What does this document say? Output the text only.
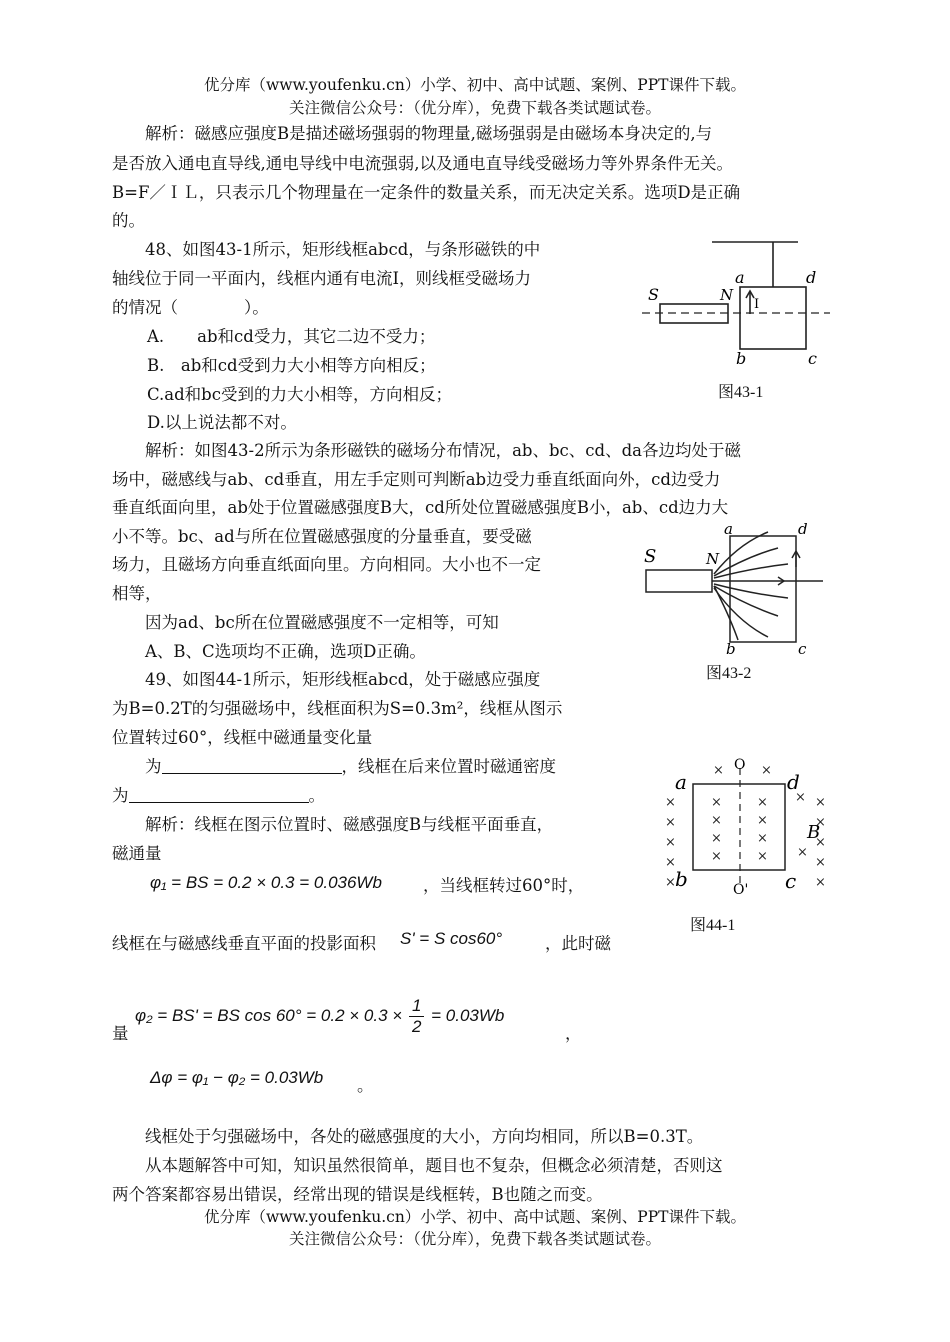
优分库（www.youfenku.cn）小学、初中、高中试题、案例、PPT课件下载。
关注微信公众号：（优分库），免费下载各类试题试卷。
解析：磁感应强度B是描述磁场强弱的物理量,磁场强弱是由磁场本身决定的,与
是否放入通电直导线,通电导线中电流强弱,以及通电直导线受磁场力等外界条件无关。
B=F／ＩＬ，只表示几个物理量在一定条件的数量关系，而无决定关系。选项D是正确
的。
48、如图43-1所示，矩形线框abcd，与条形磁铁的中
轴线位于同一平面内，线框内通有电流I，则线框受磁场力
的情况（　　　　）。
A.　　ab和cd受力，其它二边不受力；
B.　ab和cd受到力大小相等方向相反；
C.ad和bc受到的力大小相等，方向相反；
D.以上说法都不对。
解析：如图43-2所示为条形磁铁的磁场分布情况，ab、bc、cd、da各边均处于磁
场中，磁感线与ab、cd垂直，用左手定则可判断ab边受力垂直纸面向外，cd边受力
垂直纸面向里，ab处于位置磁感强度B大，cd所处位置磁感强度B小，ab、cd边力大
小不等。bc、ad与所在位置磁感强度的分量垂直，要受磁
场力，且磁场方向垂直纸面向里。方向相同。大小也不一定
相等，
因为ad、bc所在位置磁感强度不一定相等，可知
A、B、C选项均不正确，选项D正确。
49、如图44-1所示，矩形线框abcd，处于磁感应强度
为B=0.2T的匀强磁场中，线框面积为S=0.3m²，线框从图示
位置转过60°，线框中磁通量变化量
为	，线框在后来位置时磁通密度
为	。
解析：线框在图示位置时、磁感强度B与线框平面垂直，
磁通量
φ₁ = BS = 0.2 × 0.3 = 0.036Wb ，当线框转过60°时，
线框在与磁感线垂直平面的投影面积 S' = S cos60°	，此时磁
量
φ₂ = BS' = BS $\cos 60^\circ = 0.2 \times 0.3 \times \frac{1}{2} = 0.03Wb$
，
Δφ = φ₁ − φ₂ = 0.03Wb 。
线框处于匀强磁场中，各处的磁感强度的大小，方向均相同，所以B=0.3T。
从本题解答中可知，知识虽然很简单，题目也不复杂，但概念必须清楚，否则这
两个答案都容易出错误，经常出现的错误是线框转，B也随之而变。
优分库（www.youfenku.cn）小学、初中、高中试题、案例、PPT课件下载。
关注微信公众号：（优分库），免费下载各类试题试卷。
S	N
a	d
b	c
I
图43-1
S	N
a	d
b	c
图43-2
×
×
×
×
×
×
×
×
×
×
×
×
×
×
×
×
×
×
×	×
×
×
a	d
b	c
O
O'
B
图44-1
